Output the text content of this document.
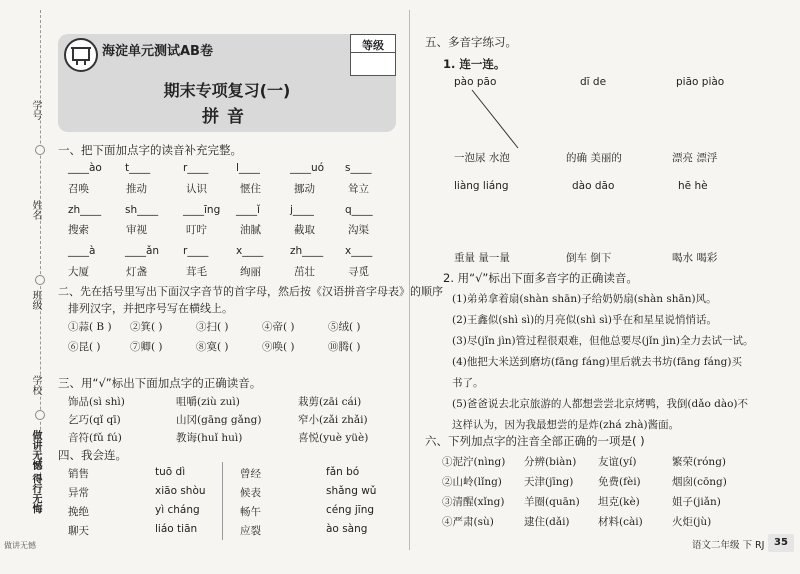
学号
姓名
班级
学校
做讲无憾 得行无悔
海淀单元测试AB卷	等级
期末专项复习(一)
拼音
一、把下面加点字的读音补充完整。
____ào t____	r____	l____	____uó s____
召唤	推动	认识	惬住	挪动	耸立
zh____ sh____ ____īng ____ǐ	j____	q____
搜索	审视	叮咛	油腻	截取	沟渠
____à	____ǎn r____	x____	zh____ x____
大厦	灯盏	茸毛	绚丽	茁壮	寻觅
二、先在括号里写出下面汉字音节的首字母，然后按《汉语拼音字母表》的顺序
排列汉字，并把序号写在横线上。
①蒜( B ) ②箕( )	③扫( )	④帝( )	⑤绒( )
⑥昆( )	⑦卿( )	⑧寞( )	⑨唤( )	⑩腾( )
三、用“√”标出下面加点字的正确读音。
饰品(sì shì)	咀嚼(ziù zuì)	栽剪(zāi cái)
乞巧(qǐ qī)	山冈(gāng gǎng)	窄小(zǎi zhǎi)
音符(fǔ fú)	教诲(huǐ huì)	喜悦(yuè yüè)
四、我会连。
销售
异常
挽绝
聊天
tuō dì
xiāo shòu
yì cháng
liáo tiān
曾经
候表
畅午
应裂
fǎn bó
shǎng wǔ
céng jīng
ào sàng
五、多音字练习。
1. 连一连。
pào pāo	dī de	piāo piào
一泡尿 水泡	的确 美丽的	漂亮 漂浮
liàng liáng	dào dāo	hē hè
重量 量一量	倒车 倒下	喝水 喝彩
2. 用“√”标出下面多音字的正确读音。
(1)弟弟拿着扇(shàn shān)子给奶奶扇(shàn shān)风。
(2)王鑫似(shì sì)的月亮似(shì sì)乎在和星星说悄悄话。
(3)尽(jǐn jìn)管过程很艰难，但他总要尽(jǐn jìn)全力去试一试。
(4)他把大米送到磨坊(fāng fáng)里后就去书坊(fāng fáng)买
书了。
(5)爸爸说去北京旅游的人都想尝尝北京烤鸭，我倒(dǎo dào)不
这样认为，因为我最想尝的是炸(zhá zhà)酱面。
六、下列加点字的注音全部正确的一项是( )
①泥泞(nìng) 分辨(biàn) 友谊(yí)	繁荣(róng)
②山岭(lǐng) 天津(jīng) 免费(fèi)	烟囱(cōng)
③清醒(xǐng) 羊圈(quān) 坦克(kè)	姐子(jiǎn)
④严肃(sù)	逮住(dǎi)	材料(cài)	火炬(jù)
语文二年级 下 RJ 35
做讲无憾
